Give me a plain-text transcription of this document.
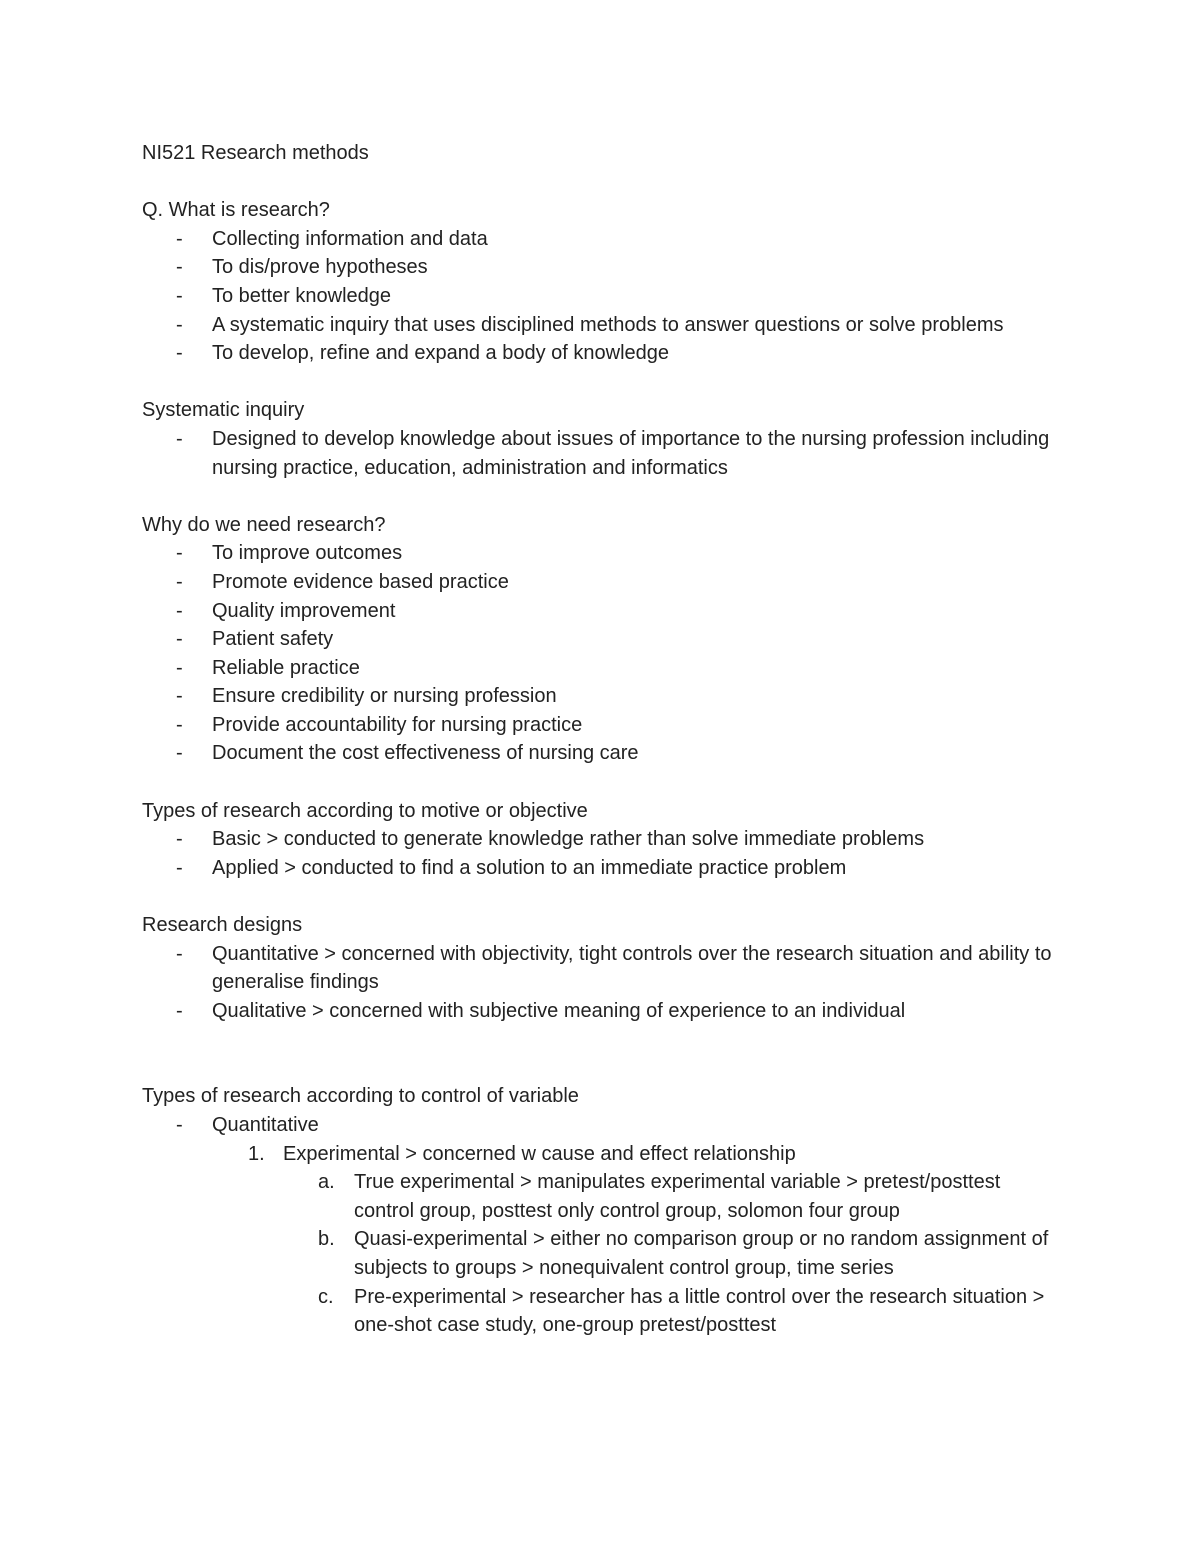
NI521 Research methods

Q. What is research?

- Collecting information and data
- To dis/prove hypotheses
- To better knowledge
- A systematic inquiry that uses disciplined methods to answer questions or solve problems
- To develop, refine and expand a body of knowledge

Systematic inquiry

- Designed to develop knowledge about issues of importance to the nursing profession including nursing practice, education, administration and informatics

Why do we need research?

- To improve outcomes
- Promote evidence based practice
- Quality improvement
- Patient safety
- Reliable practice
- Ensure credibility or nursing profession
- Provide accountability for nursing practice
- Document the cost effectiveness of nursing care

Types of research according to motive or objective

- Basic > conducted to generate knowledge rather than solve immediate problems
- Applied > conducted to find a solution to an immediate practice problem

Research designs

- Quantitative > concerned with objectivity, tight controls over the research situation and ability to generalise findings
- Qualitative > concerned with subjective meaning of experience to an individual

Types of research according to control of variable

- Quantitative
1. Experimental > concerned w cause and effect relationship
a. True experimental > manipulates experimental variable > pretest/posttest control group, posttest only control group, solomon four group
b. Quasi-experimental > either no comparison group or no random assignment of subjects to groups > nonequivalent control group, time series
c. Pre-experimental > researcher has a little control over the research situation > one-shot case study, one-group pretest/posttest
